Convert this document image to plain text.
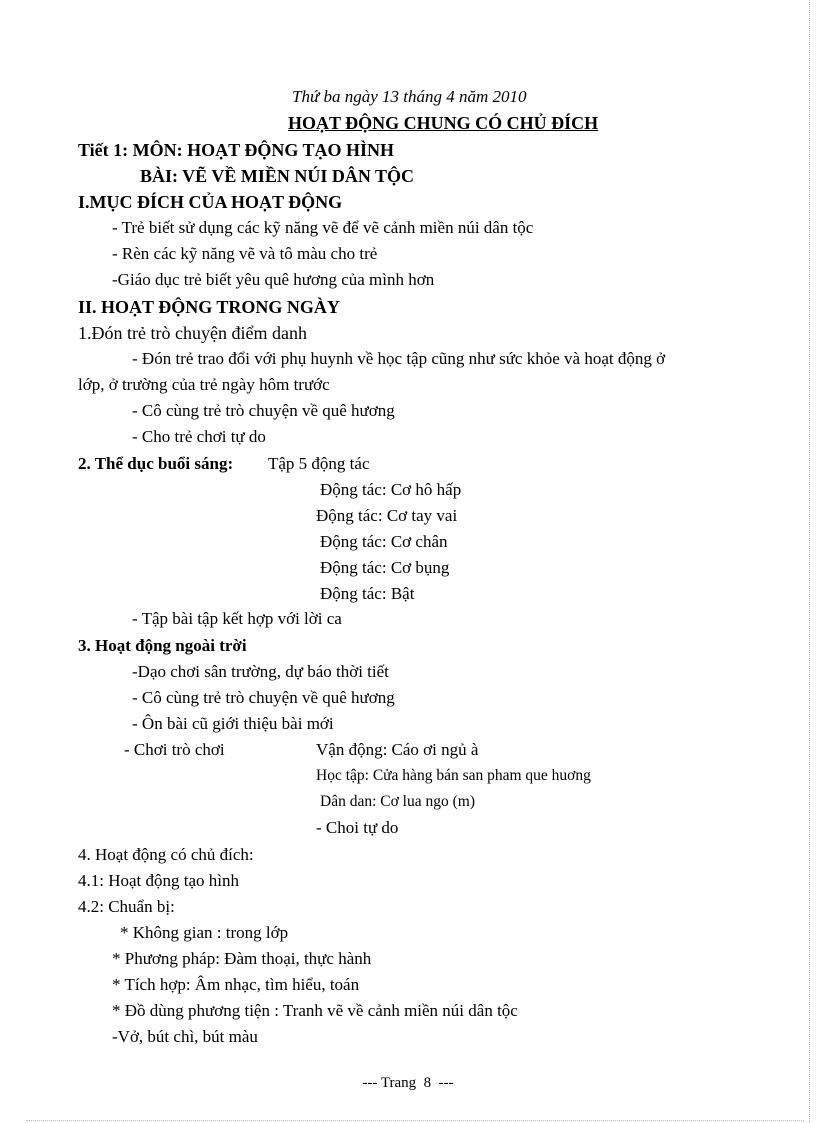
Thứ ba ngày 13 tháng 4 năm 2010
HOẠT ĐỘNG CHUNG CÓ CHỦ ĐÍCH
Tiết 1: MÔN: HOẠT ĐỘNG TẠO HÌNH
BÀI: VẼ VỀ MIỀN NÚI DÂN TỘC
I.MỤC ĐÍCH CỦA HOẠT ĐỘNG
- Trẻ biết sử dụng các kỹ năng vẽ để vẽ cảnh miền núi dân tộc
- Rèn các kỹ năng vẽ và tô màu cho trẻ
-Giáo dục trẻ biết yêu quê hương của mình hơn
II. HOẠT ĐỘNG TRONG NGÀY
1.Đón trẻ trò chuyện điểm danh
- Đón trẻ trao đổi với phụ huynh về học tập cũng như sức khỏe và hoạt động ở
lớp, ở trường của trẻ ngày hôm trước
- Cô cùng trẻ trò chuyện về quê hương
- Cho trẻ chơi tự do
2. Thể dục buổi sáng: Tập 5 động tác
Động tác: Cơ hô hấp
Động tác: Cơ tay vai
Động tác: Cơ chân
Động tác: Cơ bụng
Động tác: Bật
- Tập bài tập kết hợp với lời ca
3. Hoạt động ngoài trời
-Dạo chơi sân trường, dự báo thời tiết
- Cô cùng trẻ trò chuyện về quê hương
- Ôn bài cũ giới thiệu bài mới
- Chơi trò chơi	Vận động: Cáo ơi ngủ à
Học tập: Cửa hàng bán san pham que huơng
Dân dan: Cơ lua ngo (m)
- Choi tự do
4. Hoạt động có chủ đích:
4.1: Hoạt động tạo hình
4.2: Chuẩn bị:
* Không gian : trong lớp
* Phương pháp: Đàm thoại, thực hành
* Tích hợp: Âm nhạc, tìm hiểu, toán
* Đồ dùng phương tiện : Tranh vẽ về cảnh miền núi dân tộc
-Vở, bút chì, bút màu
--- Trang  8  ---
